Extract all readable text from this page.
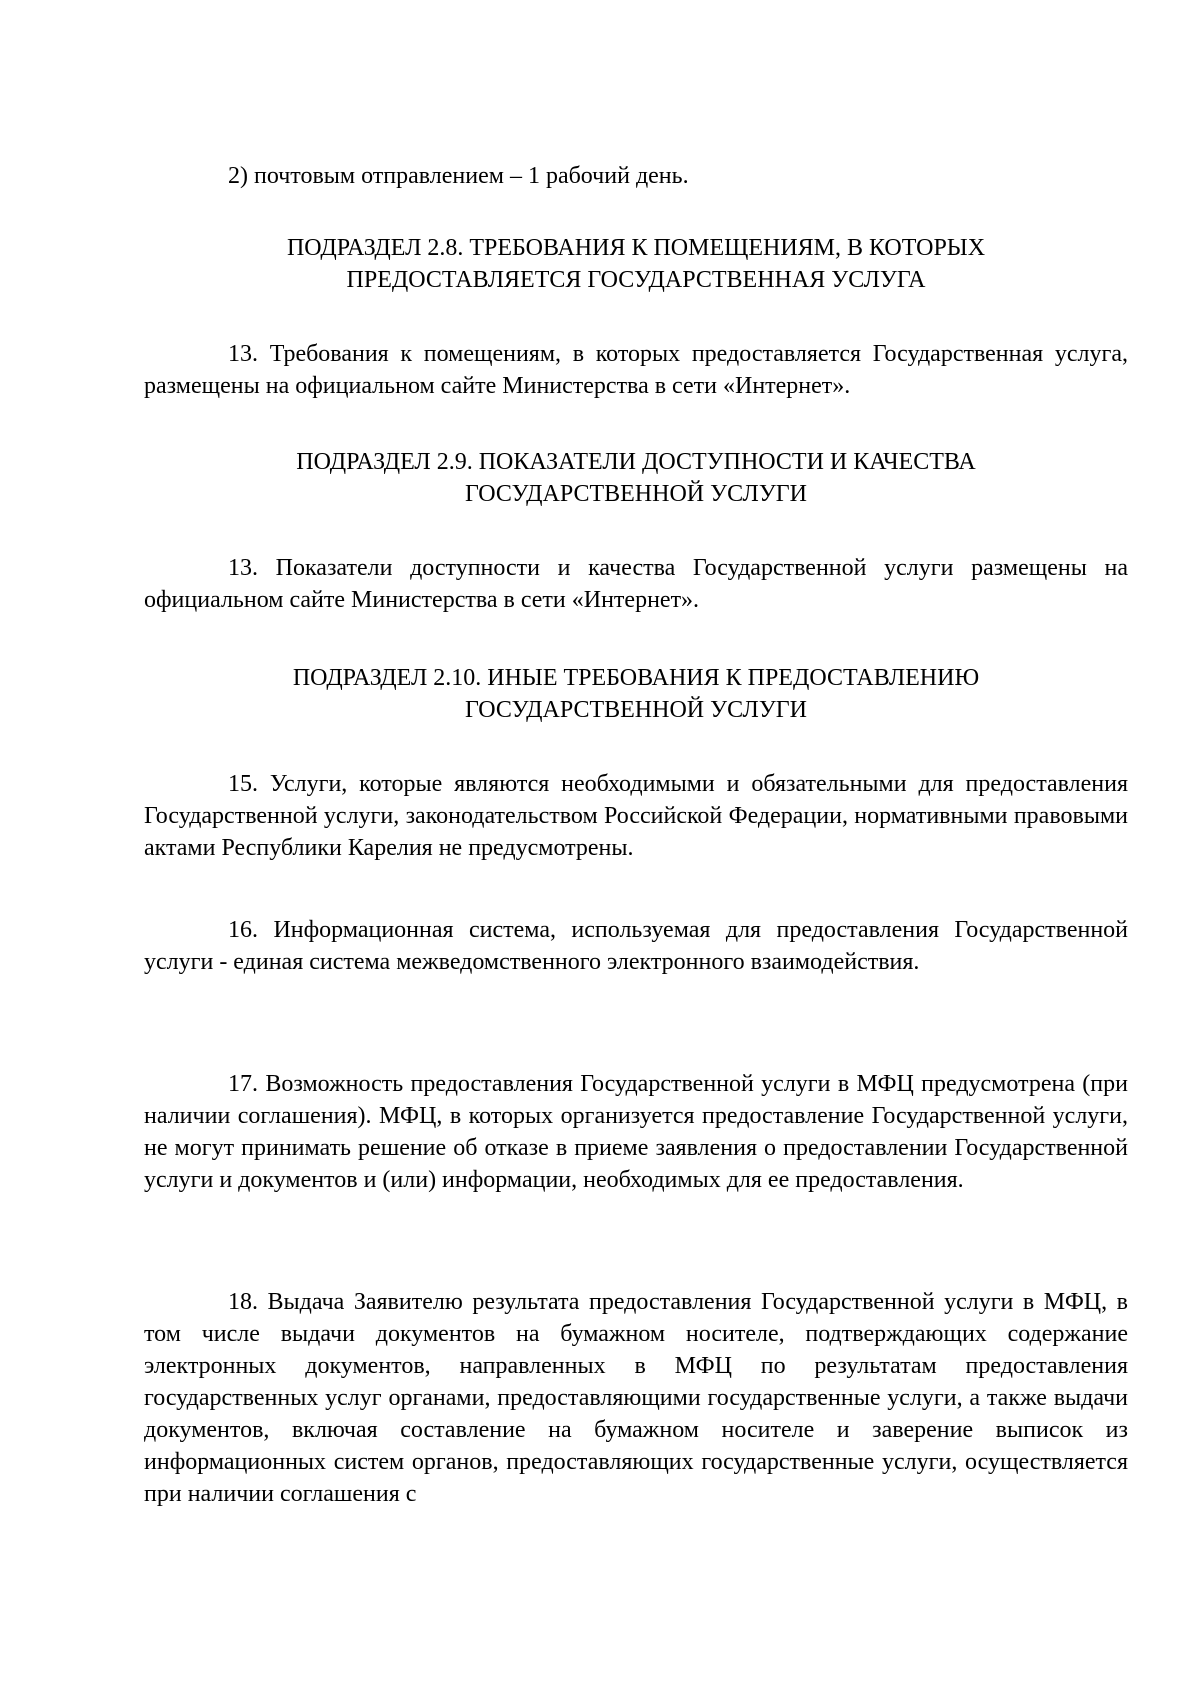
2) почтовым отправлением – 1 рабочий день.

ПОДРАЗДЕЛ 2.8. ТРЕБОВАНИЯ К ПОМЕЩЕНИЯМ, В КОТОРЫХ
ПРЕДОСТАВЛЯЕТСЯ ГОСУДАРСТВЕННАЯ УСЛУГА

13. Требования к помещениям, в которых предоставляется Государственная услуга, размещены на официальном сайте Министерства в сети «Интернет».

ПОДРАЗДЕЛ 2.9. ПОКАЗАТЕЛИ ДОСТУПНОСТИ И КАЧЕСТВА
ГОСУДАРСТВЕННОЙ УСЛУГИ

13. Показатели доступности и качества Государственной услуги размещены на официальном сайте Министерства в сети «Интернет».

ПОДРАЗДЕЛ 2.10. ИНЫЕ ТРЕБОВАНИЯ К ПРЕДОСТАВЛЕНИЮ
ГОСУДАРСТВЕННОЙ УСЛУГИ

15. Услуги, которые являются необходимыми и обязательными для предоставления Государственной услуги, законодательством Российской Федерации, нормативными правовыми актами Республики Карелия не предусмотрены.

16. Информационная система, используемая для предоставления Государственной услуги - единая система межведомственного электронного взаимодействия.

17. Возможность предоставления Государственной услуги в МФЦ предусмотрена (при наличии соглашения). МФЦ, в которых организуется предоставление Государственной услуги, не могут принимать решение об отказе в приеме заявления о предоставлении Государственной услуги и документов и (или) информации, необходимых для ее предоставления.

18. Выдача Заявителю результата предоставления Государственной услуги в МФЦ, в том числе выдачи документов на бумажном носителе, подтверждающих содержание электронных документов, направленных в МФЦ по результатам предоставления государственных услуг органами, предоставляющими государственные услуги, а также выдачи документов, включая составление на бумажном носителе и заверение выписок из информационных систем органов, предоставляющих государственные услуги, осуществляется при наличии соглашения с
